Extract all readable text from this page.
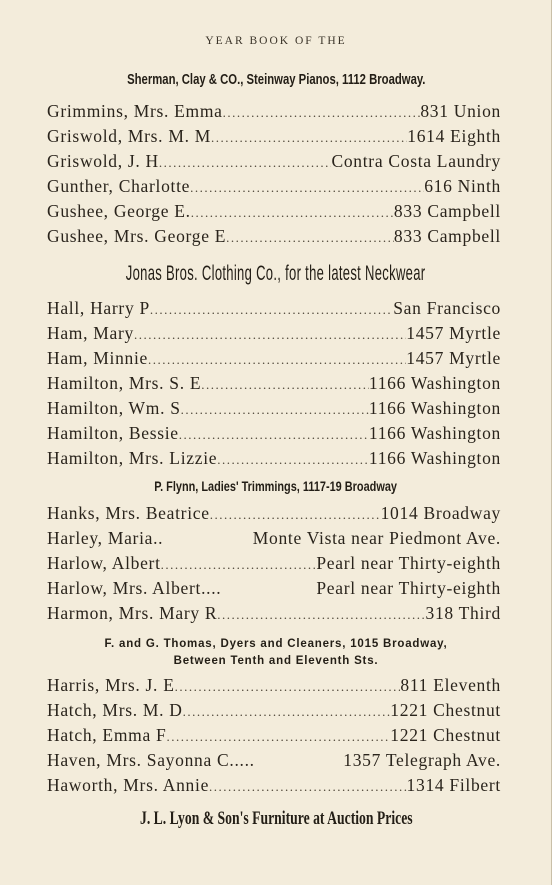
YEAR BOOK OF THE
Sherman, Clay & CO., Steinway Pianos, 1112 Broadway.
Grimmins, Mrs. Emma .....	831 Union
Griswold, Mrs. M. M .....	1614 Eighth
Griswold, J. H .....	Contra Costa Laundry
Gunther, Charlotte .....	616 Ninth
Gushee, George E. .....	833 Campbell
Gushee, Mrs. George E .....	833 Campbell
Jonas Bros. Clothing Co., for the latest Neckwear
Hall, Harry P .....	San Francisco
Ham, Mary .....	1457 Myrtle
Ham, Minnie .....	1457 Myrtle
Hamilton, Mrs. S. E .....	1166 Washington
Hamilton, Wm. S .....	1166 Washington
Hamilton, Bessie .....	1166 Washington
Hamilton, Mrs. Lizzie .....	1166 Washington
P. Flynn, Ladies' Trimmings, 1117-19 Broadway
Hanks, Mrs. Beatrice .....	1014 Broadway
Harley, Maria..	Monte Vista near Piedmont Ave.
Harlow, Albert .....	Pearl near Thirty-eighth
Harlow, Mrs. Albert....	Pearl near Thirty-eighth
Harmon, Mrs. Mary R .....	318 Third
F. and G. Thomas, Dyers and Cleaners, 1015 Broadway,
Between Tenth and Eleventh Sts.
Harris, Mrs. J. E .....	811 Eleventh
Hatch, Mrs. M. D .....	1221 Chestnut
Hatch, Emma F .....	1221 Chestnut
Haven, Mrs. Sayonna C.....	1357 Telegraph Ave.
Haworth, Mrs. Annie .....	1314 Filbert
J. L. Lyon & Son's Furniture at Auction Prices
